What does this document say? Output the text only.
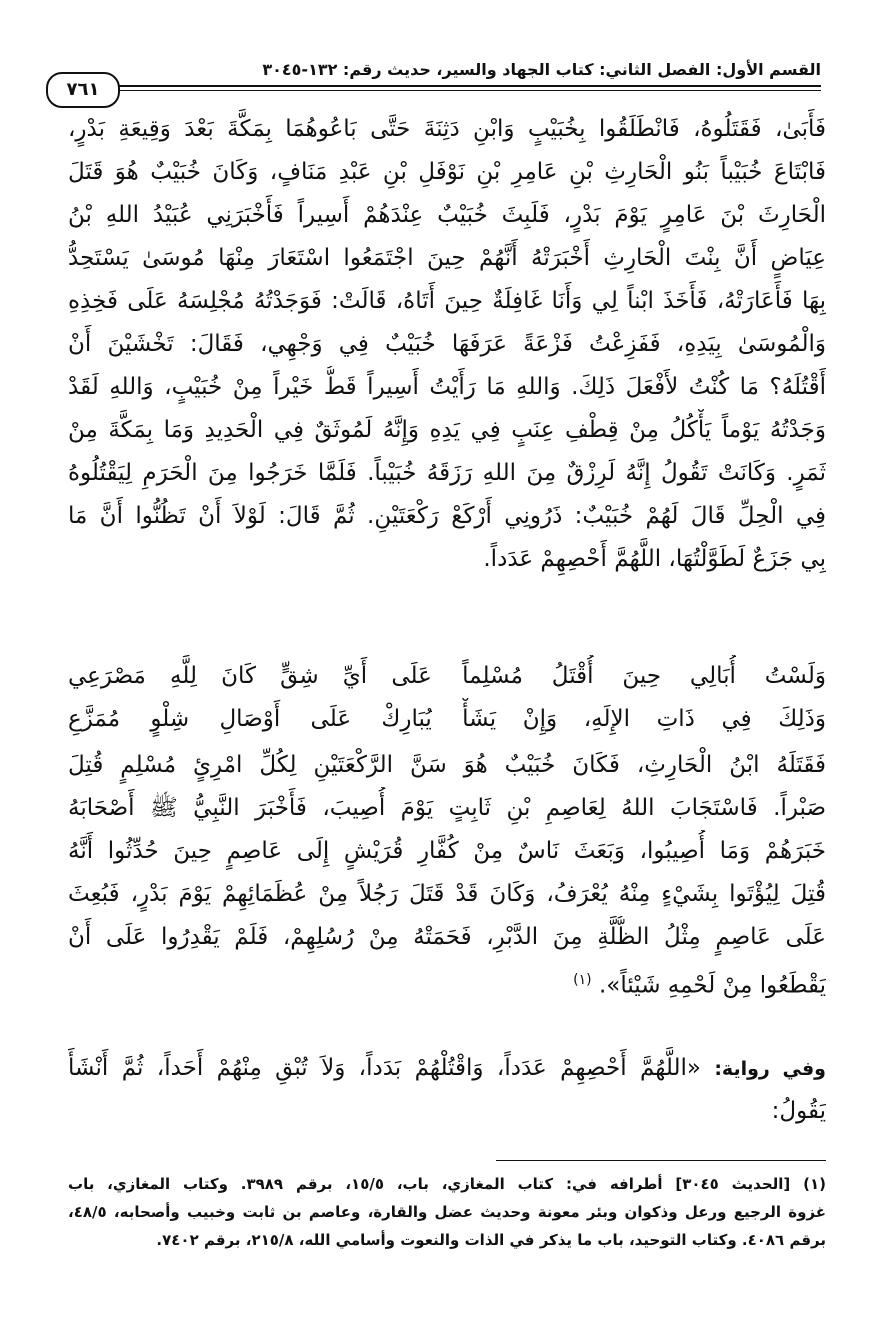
القسم الأول: الفصل الثاني: كتاب الجهاد والسير، حديث رقم: ١٣٢-٣٠٤٥
٧٦١
فَأَبَىٰ، فَقَتَلُوهُ، فَانْطَلَقُوا بِخُبَيْبٍ وَابْنِ دَثِنَةَ حَتَّى بَاعُوهُمَا بِمَكَّةَ بَعْدَ وَقِيعَةِ بَدْرٍ،
فَابْتَاعَ خُبَيْباً بَنُو الْحَارِثِ بْنِ عَامِرِ بْنِ نَوْفَلِ بْنِ عَبْدِ مَنَافٍ، وَكَانَ خُبَيْبٌ هُوَ قَتَلَ
الْحَارِثَ بْنَ عَامِرٍ يَوْمَ بَدْرٍ، فَلَبِثَ خُبَيْبٌ عِنْدَهُمْ أَسِيراً فَأَخْبَرَنِي عُبَيْدُ اللهِ بْنُ
عِيَاضٍ أَنَّ بِنْتَ الْحَارِثِ أَخْبَرَتْهُ أَنَّهُمْ حِينَ اجْتَمَعُوا اسْتَعَارَ مِنْهَا مُوسَىٰ يَسْتَحِدُّ
بِهَا فَأَعَارَتْهُ، فَأَخَذَ ابْناً لِي وَأَنَا غَافِلَةٌ حِينَ أَتَاهُ، قَالَتْ: فَوَجَدْتُهُ مُجْلِسَهُ عَلَى فَخِذِهِ
وَالْمُوسَىٰ بِيَدِهِ، فَفَزِعْتُ فَزْعَةً عَرَفَهَا خُبَيْبٌ فِي وَجْهِي، فَقَالَ: تَخْشَيْنَ أَنْ
أَقْتُلَهُ؟ مَا كُنْتُ لأَفْعَلَ ذَلِكَ. وَاللهِ مَا رَأَيْتُ أَسِيراً قَطُّ خَيْراً مِنْ خُبَيْبٍ، وَاللهِ لَقَدْ
وَجَدْتُهُ يَوْماً يَأْكُلُ مِنْ قِطْفِ عِنَبٍ فِي يَدِهِ وَإِنَّهُ لَمُوثَقٌ فِي الْحَدِيدِ وَمَا بِمَكَّةَ مِنْ
ثَمَرٍ. وَكَانَتْ تَقُولُ إِنَّهُ لَرِزْقٌ مِنَ اللهِ رَزَقَهُ خُبَيْباً. فَلَمَّا خَرَجُوا مِنَ الْحَرَمِ لِيَقْتُلُوهُ
فِي الْحِلِّ قَالَ لَهُمْ خُبَيْبٌ: ذَرُونِي أَرْكَعْ رَكْعَتَيْنِ. ثُمَّ قَالَ: لَوْلاَ أَنْ تَظُنُّوا أَنَّ مَا
بِي جَزَعٌ لَطَوَّلْتُهَا، اللَّهُمَّ أَحْصِهِمْ عَدَداً.
وَلَسْتُ أُبَالِي حِينَ أُقْتَلُ مُسْلِماً
عَلَى أَيِّ شِقٍّ كَانَ لِلَّهِ مَصْرَعِي
وَذَلِكَ فِي ذَاتِ الإِلَهِ، وَإِنْ يَشَأْ
يُبَارِكْ عَلَى أَوْصَالِ شِلْوٍ مُمَزَّعِ
فَقَتَلَهُ ابْنُ الْحَارِثِ، فَكَانَ خُبَيْبٌ هُوَ سَنَّ الرَّكْعَتَيْنِ لِكُلِّ امْرِئٍ مُسْلِمٍ قُتِلَ
صَبْراً. فَاسْتَجَابَ اللهُ لِعَاصِمِ بْنِ ثَابِتٍ يَوْمَ أُصِيبَ، فَأَخْبَرَ النَّبِيُّ ﷺ أَصْحَابَهُ
خَبَرَهُمْ وَمَا أُصِيبُوا، وَبَعَثَ نَاسٌ مِنْ كُفَّارِ قُرَيْشٍ إِلَى عَاصِمٍ حِينَ حُدِّثُوا أَنَّهُ
قُتِلَ لِيُؤْتَوا بِشَيْءٍ مِنْهُ يُعْرَفُ، وَكَانَ قَدْ قَتَلَ رَجُلاً مِنْ عُظَمَائِهِمْ يَوْمَ بَدْرٍ، فَبُعِثَ
عَلَى عَاصِمٍ مِثْلُ الظُّلَّةِ مِنَ الدَّبْرِ، فَحَمَتْهُ مِنْ رُسُلِهِمْ، فَلَمْ يَقْدِرُوا عَلَى أَنْ
يَقْطَعُوا مِنْ لَحْمِهِ شَيْئاً». $^{(١)}$
وفي رواية: «اللَّهُمَّ أَحْصِهِمْ عَدَداً، وَاقْتُلْهُمْ بَدَداً، وَلاَ تُبْقِ مِنْهُمْ أَحَداً، ثُمَّ أَنْشَأَ
يَقُولُ:
(١) [الحديث ٣٠٤٥] أطرافه في: كتاب المغازي، باب، ١٥/٥، برقم ٣٩٨٩. وكتاب المغازي، باب
غزوة الرجيع ورعل وذكوان وبئر معونة وحديث عضل والقارة، وعاصم بن ثابت وخبيب وأصحابه، ٤٨/٥،
برقم ٤٠٨٦. وكتاب التوحيد، باب ما يذكر في الذات والنعوت وأسامي الله، ٢١٥/٨، برقم ٧٤٠٢.
